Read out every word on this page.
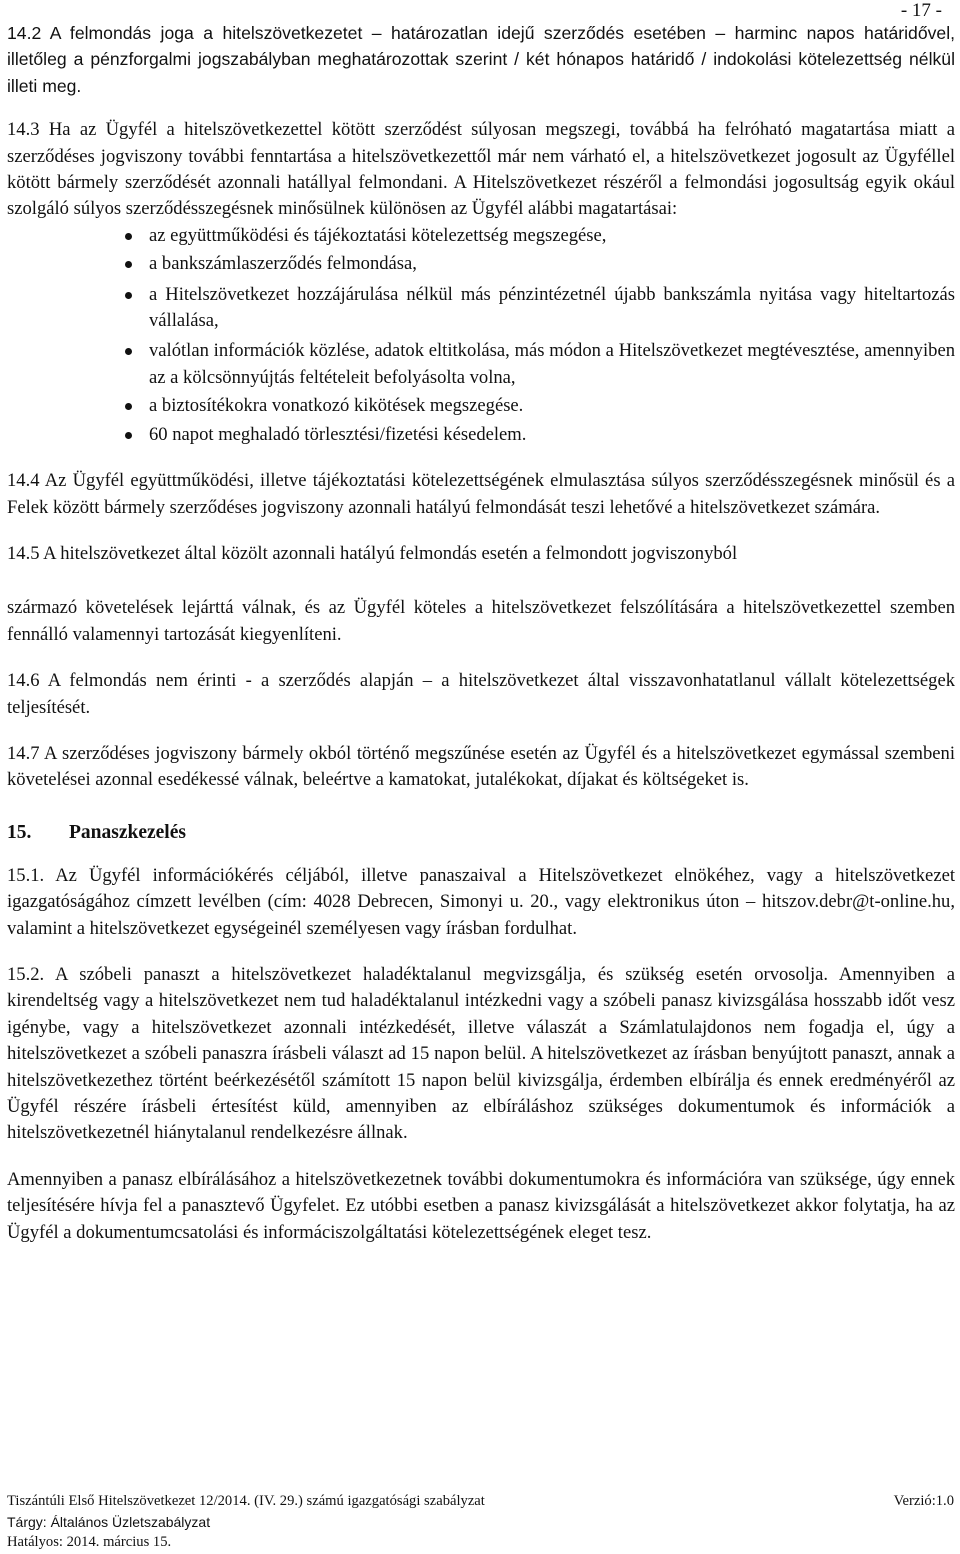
- 17 -

14.2 A felmondás joga a hitelszövetkezetet – határozatlan idejű szerződés esetében – harminc napos határidővel, illetőleg a pénzforgalmi jogszabályban meghatározottak szerint / két hónapos határidő / indokolási kötelezettség nélkül illeti meg.

14.3 Ha az Ügyfél a hitelszövetkezettel kötött szerződést súlyosan megszegi, továbbá ha felróható magatartása miatt a szerződéses jogviszony további fenntartása a hitelszövetkezettől már nem várható el, a hitelszövetkezet jogosult az Ügyféllel kötött bármely szerződését azonnali hatállyal felmondani. A Hitelszövetkezet részéről a felmondási jogosultság egyik okául szolgáló súlyos szerződésszegésnek minősülnek különösen az Ügyfél alábbi magatartásai:

az együttműködési és tájékoztatási kötelezettség megszegése,
a bankszámlaszerződés felmondása,
a Hitelszövetkezet hozzájárulása nélkül más pénzintézetnél újabb bankszámla nyitása vagy hiteltartozás vállalása,
valótlan információk közlése, adatok eltitkolása, más módon a Hitelszövetkezet megtévesztése, amennyiben az a kölcsönnyújtás feltételeit befolyásolta volna,
a biztosítékokra vonatkozó kikötések megszegése.
60 napot meghaladó törlesztési/fizetési késedelem.

14.4 Az Ügyfél együttműködési, illetve tájékoztatási kötelezettségének elmulasztása súlyos szerződésszegésnek minősül és a Felek között bármely szerződéses jogviszony azonnali hatályú felmondását teszi lehetővé a hitelszövetkezet számára.

14.5 A hitelszövetkezet által közölt azonnali hatályú felmondás esetén a felmondott jogviszonyból

származó követelések lejárttá válnak, és az Ügyfél köteles a hitelszövetkezet felszólítására a hitelszövetkezettel szemben fennálló valamennyi tartozását kiegyenlíteni.

14.6 A felmondás nem érinti - a szerződés alapján – a hitelszövetkezet által visszavonhatatlanul vállalt kötelezettségek teljesítését.

14.7 A szerződéses jogviszony bármely okból történő megszűnése esetén az Ügyfél és a hitelszövetkezet egymással szembeni követelései azonnal esedékessé válnak, beleértve a kamatokat, jutalékokat, díjakat és költségeket is.

15. Panaszkezelés

15.1. Az Ügyfél információkérés céljából, illetve panaszaival a Hitelszövetkezet elnökéhez, vagy a hitelszövetkezet igazgatóságához címzett levélben (cím: 4028 Debrecen, Simonyi u. 20., vagy elektronikus úton – hitszov.debr@t-online.hu, valamint a hitelszövetkezet egységeinél személyesen vagy írásban fordulhat.

15.2. A szóbeli panaszt a hitelszövetkezet haladéktalanul megvizsgálja, és szükség esetén orvosolja. Amennyiben a kirendeltség vagy a hitelszövetkezet nem tud haladéktalanul intézkedni vagy a szóbeli panasz kivizsgálása hosszabb időt vesz igénybe, vagy a hitelszövetkezet azonnali intézkedését, illetve válaszát a Számlatulajdonos nem fogadja el, úgy a hitelszövetkezet a szóbeli panaszra írásbeli választ ad 15 napon belül. A hitelszövetkezet az írásban benyújtott panaszt, annak a hitelszövetkezethez történt beérkezésétől számított 15 napon belül kivizsgálja, érdemben elbírálja és ennek eredményéről az Ügyfél részére írásbeli értesítést küld, amennyiben az elbíráláshoz szükséges dokumentumok és információk a hitelszövetkezetnél hiánytalanul rendelkezésre állnak.

Amennyiben a panasz elbírálásához a hitelszövetkezetnek további dokumentumokra és információra van szüksége, úgy ennek teljesítésére hívja fel a panasztevő Ügyfelet. Ez utóbbi esetben a panasz kivizsgálását a hitelszövetkezet akkor folytatja, ha az Ügyfél a dokumentumcsatolási és informáciszolgáltatási kötelezettségének eleget tesz.

Tiszántúli Első Hitelszövetkezet 12/2014. (IV. 29.) számú igazgatósági szabályzat	Verzió:1.0
Tárgy: Általános Üzletszabályzat
Hatályos: 2014. március 15.
